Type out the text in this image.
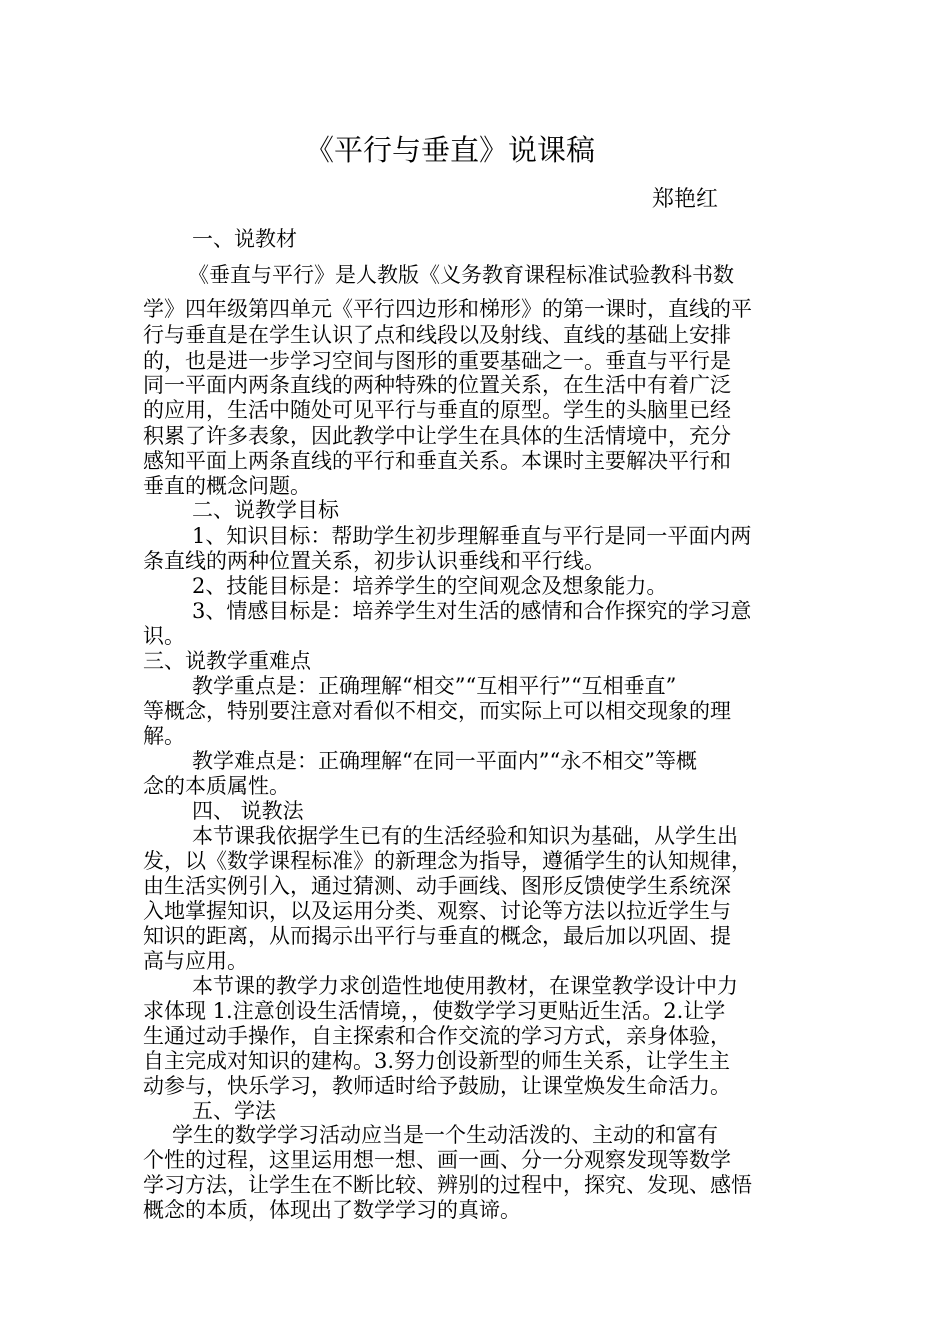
《平行与垂直》说课稿
郑艳红
一、说教材
《垂直与平行》是人教版《义务教育课程标准试验教科书数
学》四年级第四单元《平行四边形和梯形》的第一课时，直线的平
行与垂直是在学生认识了点和线段以及射线、直线的基础上安排
的，也是进一步学习空间与图形的重要基础之一。垂直与平行是
同一平面内两条直线的两种特殊的位置关系，在生活中有着广泛
的应用，生活中随处可见平行与垂直的原型。学生的头脑里已经
积累了许多表象，因此教学中让学生在具体的生活情境中，充分
感知平面上两条直线的平行和垂直关系。本课时主要解决平行和
垂直的概念问题。
二、说教学目标
1、知识目标：帮助学生初步理解垂直与平行是同一平面内两
条直线的两种位置关系，初步认识垂线和平行线。
2、技能目标是：培养学生的空间观念及想象能力。
3、情感目标是：培养学生对生活的感情和合作探究的学习意
识。
三、说教学重难点
教学重点是：正确理解“相交”“互相平行”“互相垂直”
等概念，特别要注意对看似不相交，而实际上可以相交现象的理
解。
教学难点是：正确理解“在同一平面内”“永不相交”等概
念的本质属性。
四、 说教法
本节课我依据学生已有的生活经验和知识为基础，从学生出
发，以《数学课程标准》的新理念为指导，遵循学生的认知规律，
由生活实例引入，通过猜测、动手画线、图形反馈使学生系统深
入地掌握知识，以及运用分类、观察、讨论等方法以拉近学生与
知识的距离，从而揭示出平行与垂直的概念，最后加以巩固、提
高与应用。
本节课的教学力求创造性地使用教材，在课堂教学设计中力
求体现 1.注意创设生活情境，，使数学学习更贴近生活。2.让学
生通过动手操作，自主探索和合作交流的学习方式，亲身体验，
自主完成对知识的建构。3.努力创设新型的师生关系，让学生主
动参与，快乐学习，教师适时给予鼓励，让课堂焕发生命活力。
五、学法
学生的数学学习活动应当是一个生动活泼的、主动的和富有
个性的过程，这里运用想一想、画一画、分一分观察发现等数学
学习方法，让学生在不断比较、辨别的过程中，探究、发现、感悟
概念的本质，体现出了数学学习的真谛。
